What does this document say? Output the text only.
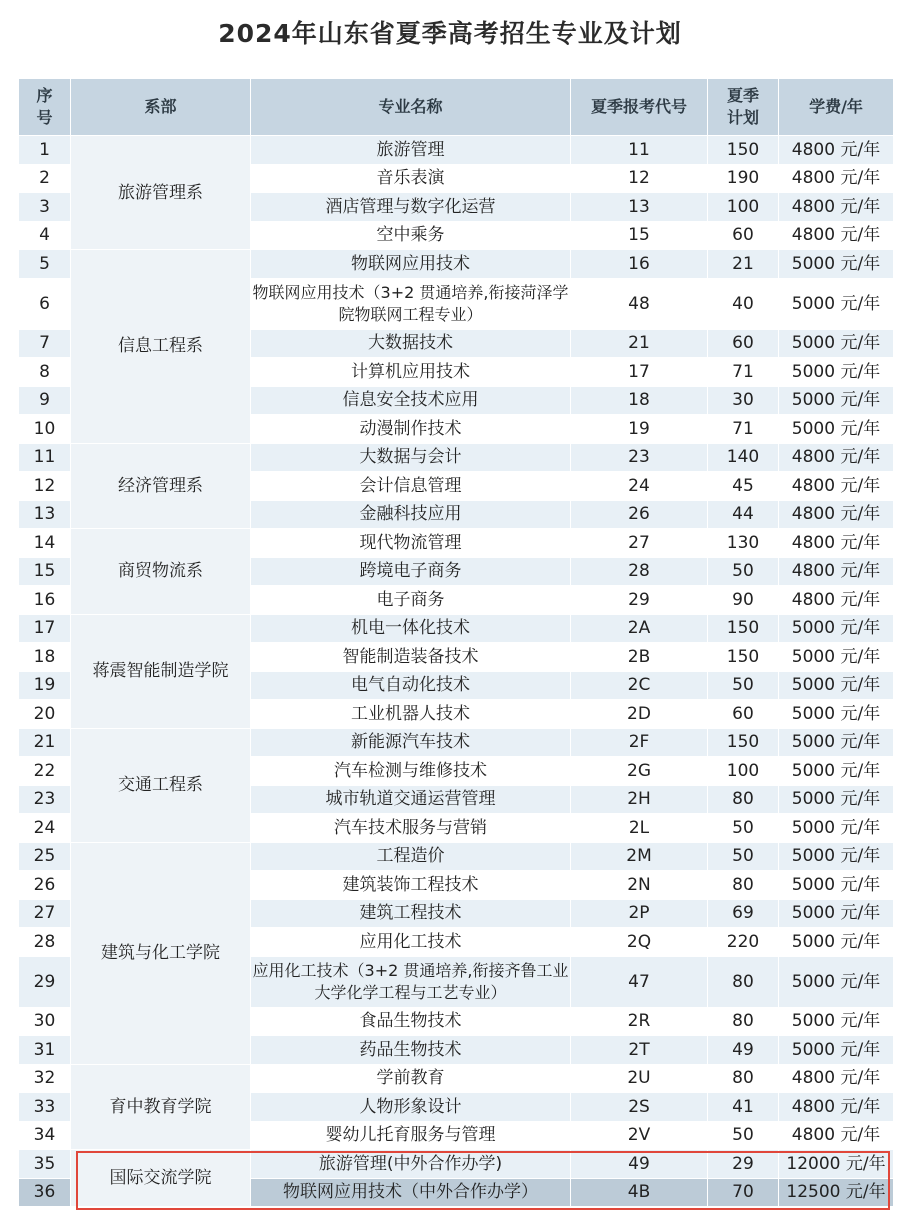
2024年山东省夏季高考招生专业及计划
序号	系部	专业名称	夏季报考代号	夏季计划	学费/年
1	旅游管理系	旅游管理	11	150	4800 元/年
2		音乐表演	12	190	4800 元/年
3		酒店管理与数字化运营	13	100	4800 元/年
4		空中乘务	15	60	4800 元/年
5	信息工程系	物联网应用技术	16	21	5000 元/年
6		物联网应用技术（3+2 贯通培养,衔接菏泽学院物联网工程专业）	48	40	5000 元/年
7		大数据技术	21	60	5000 元/年
8		计算机应用技术	17	71	5000 元/年
9		信息安全技术应用	18	30	5000 元/年
10		动漫制作技术	19	71	5000 元/年
11	经济管理系	大数据与会计	23	140	4800 元/年
12		会计信息管理	24	45	4800 元/年
13		金融科技应用	26	44	4800 元/年
14	商贸物流系	现代物流管理	27	130	4800 元/年
15		跨境电子商务	28	50	4800 元/年
16		电子商务	29	90	4800 元/年
17	蒋震智能制造学院	机电一体化技术	2A	150	5000 元/年
18		智能制造装备技术	2B	150	5000 元/年
19		电气自动化技术	2C	50	5000 元/年
20		工业机器人技术	2D	60	5000 元/年
21	交通工程系	新能源汽车技术	2F	150	5000 元/年
22		汽车检测与维修技术	2G	100	5000 元/年
23		城市轨道交通运营管理	2H	80	5000 元/年
24		汽车技术服务与营销	2L	50	5000 元/年
25	建筑与化工学院	工程造价	2M	50	5000 元/年
26		建筑装饰工程技术	2N	80	5000 元/年
27		建筑工程技术	2P	69	5000 元/年
28		应用化工技术	2Q	220	5000 元/年
29		应用化工技术（3+2 贯通培养,衔接齐鲁工业大学化学工程与工艺专业）	47	80	5000 元/年
30		食品生物技术	2R	80	5000 元/年
31		药品生物技术	2T	49	5000 元/年
32	育中教育学院	学前教育	2U	80	4800 元/年
33		人物形象设计	2S	41	4800 元/年
34		婴幼儿托育服务与管理	2V	50	4800 元/年
35	国际交流学院	旅游管理(中外合作办学)	49	29	12000 元/年
36		物联网应用技术（中外合作办学）	4B	70	12500 元/年
